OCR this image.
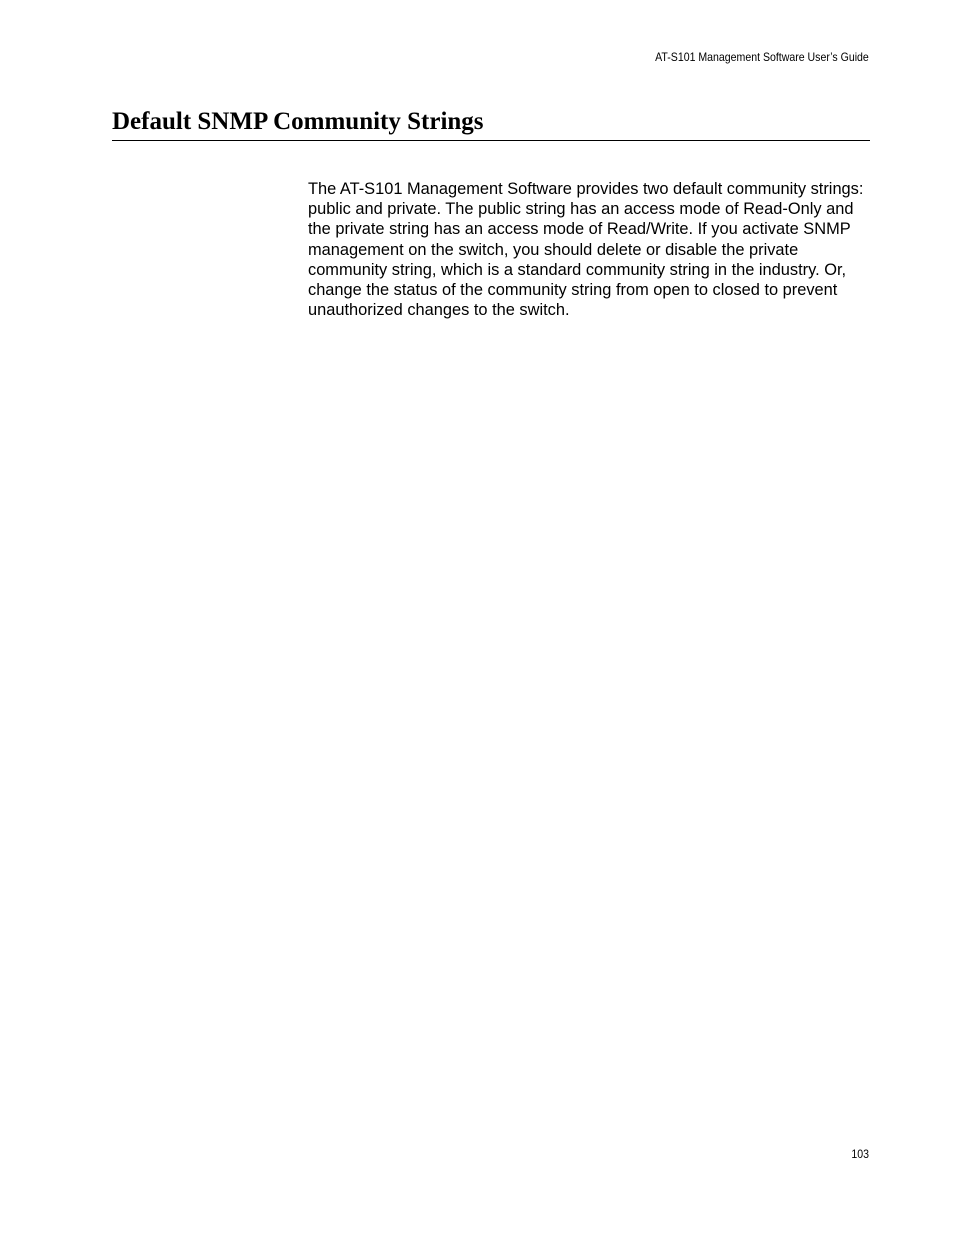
AT-S101 Management Software User’s Guide
Default SNMP Community Strings

The AT-S101 Management Software provides two default community strings: public and private. The public string has an access mode of Read-Only and the private string has an access mode of Read/Write. If you activate SNMP management on the switch, you should delete or disable the private community string, which is a standard community string in the industry. Or, change the status of the community string from open to closed to prevent unauthorized changes to the switch.

103
